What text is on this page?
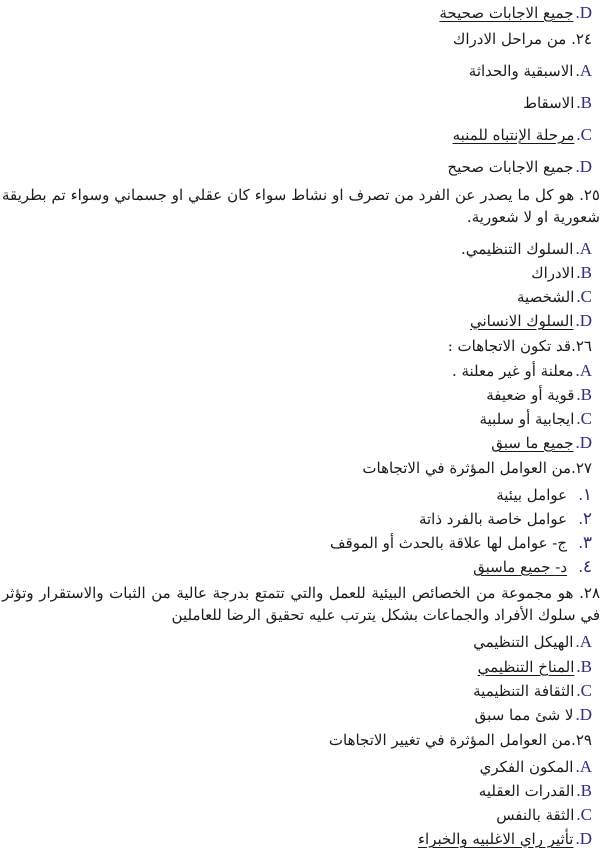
D.جميع الاجابات صحيحة
٢٤. من مراحل الادراك
A.الاسبقية والحداثة
B.الاسقاط
C.مرحلة الإنتباه للمنبه
D.جميع الاجابات صحيح
٢٥. هو كل ما يصدر عن الفرد من تصرف او نشاط سواء كان عقلي او جسماني وسواء تم بطريقة شعورية او لا شعورية.
A.السلوك التنظيمي.
B.الادراك
C.الشخصية
D.السلوك الانساني
٢٦.قد تكون الاتجاهات :
A.معلنة أو غير معلنة .
B.قوية أو ضعيفة
C.ايجابية أو سلبية
D.جميع ما سبق
٢٧.من العوامل المؤثرة في الاتجاهات
١.  عوامل بيئية
٢.  عوامل خاصة بالفرد ذاتة
٣.  ج- عوامل لها علاقة بالحدث أو الموقف
٤.  د- جميع ماسبق
٢٨. هو مجموعة من الخصائص البيئية للعمل والتي تتمتع بدرجة عالية من الثبات والاستقرار وتؤثر في سلوك الأفراد والجماعات بشكل يترتب عليه تحقيق الرضا للعاملين
A.الهيكل التنظيمي
B.المناخ التنظيمي
C.الثقافة التنظيمية
D.لا شئ مما سبق
٢٩.من العوامل المؤثرة في تغيير الاتجاهات
A.المكون الفكري
B.القدرات العقليه
C.الثقة بالنفس
D.تأثير راي الاغلبيه والخبراء
